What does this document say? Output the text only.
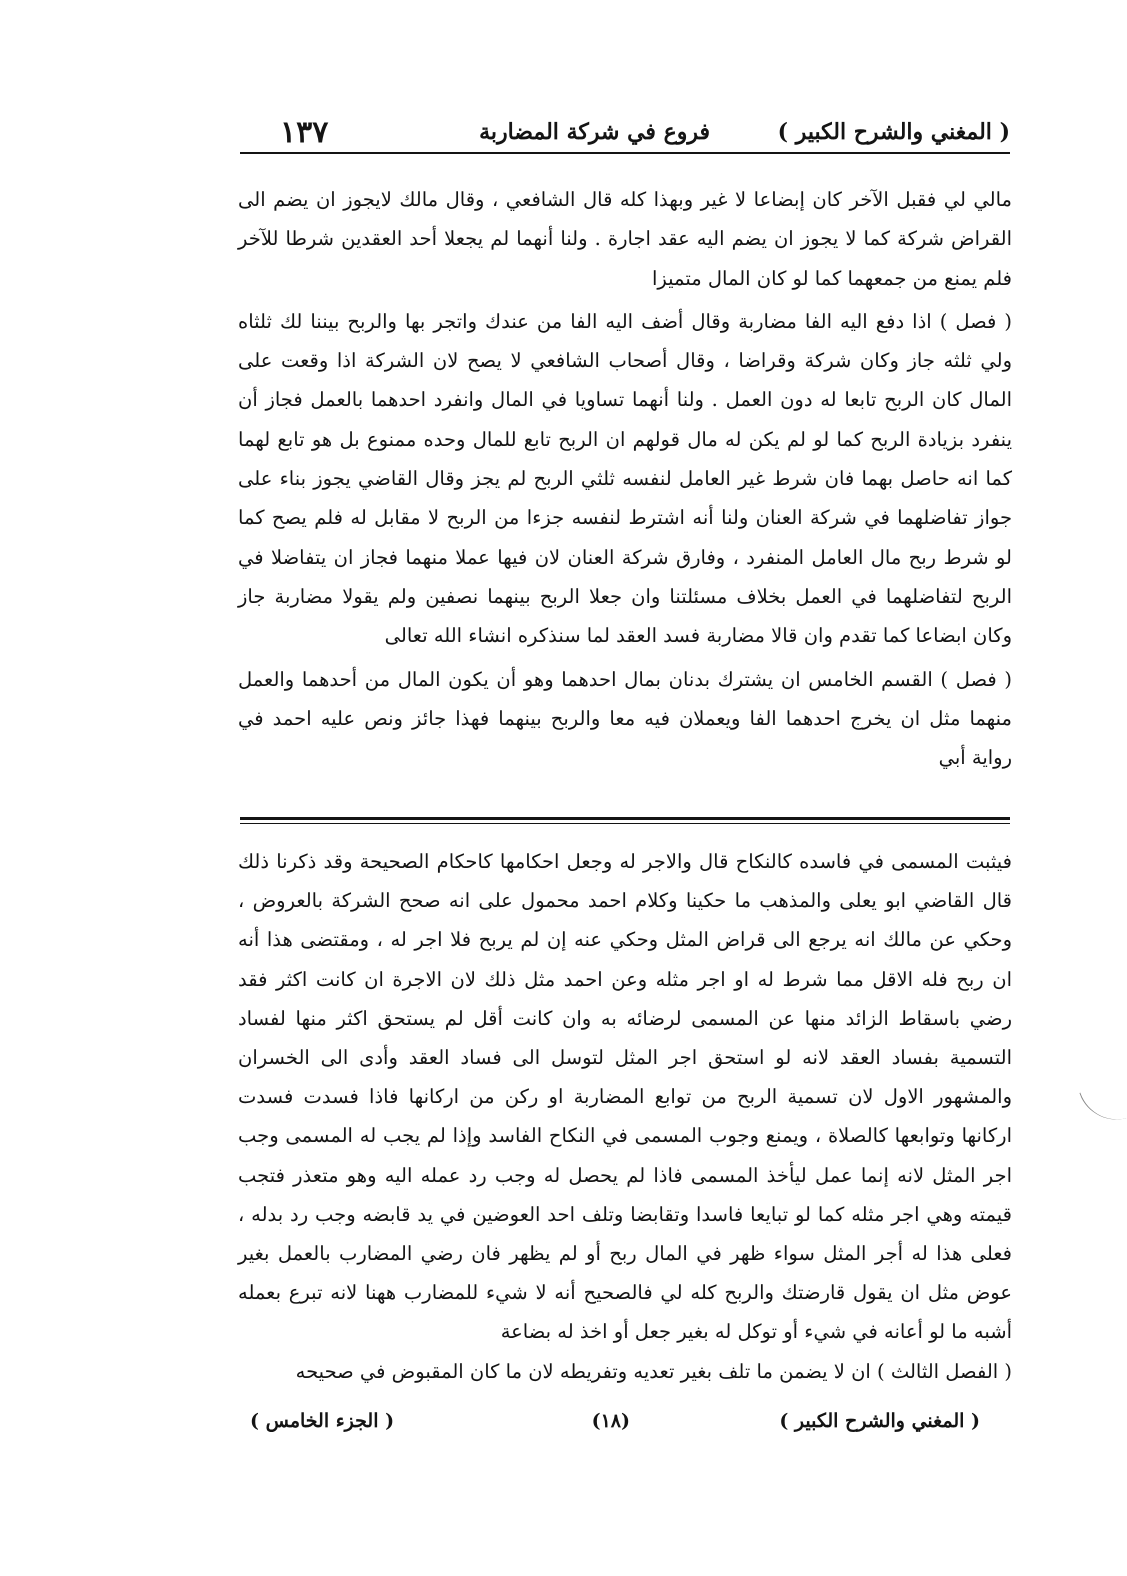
( المغني والشرح الكبير )
فروع في شركة المضاربة
١٣٧

مالي لي فقبل الآخر كان إبضاعا لا غير وبهذا كله قال الشافعي ، وقال مالك لايجوز ان يضم الى القراض شركة كما لا يجوز ان يضم اليه عقد اجارة . ولنا أنهما لم يجعلا أحد العقدين شرطا للآخر فلم يمنع من جمعهما كما لو كان المال متميزا

( فصل ) اذا دفع اليه الفا مضاربة وقال أضف اليه الفا من عندك واتجر بها والربح بيننا لك ثلثاه ولي ثلثه جاز وكان شركة وقراضا ، وقال أصحاب الشافعي لا يصح لان الشركة اذا وقعت على المال كان الربح تابعا له دون العمل . ولنا أنهما تساويا في المال وانفرد احدهما بالعمل فجاز أن ينفرد بزيادة الربح كما لو لم يكن له مال قولهم ان الربح تابع للمال وحده ممنوع بل هو تابع لهما كما انه حاصل بهما فان شرط غير العامل لنفسه ثلثي الربح لم يجز وقال القاضي يجوز بناء على جواز تفاضلهما في شركة العنان ولنا أنه اشترط لنفسه جزءا من الربح لا مقابل له فلم يصح كما لو شرط ربح مال العامل المنفرد ، وفارق شركة العنان لان فيها عملا منهما فجاز ان يتفاضلا في الربح لتفاضلهما في العمل بخلاف مسئلتنا وان جعلا الربح بينهما نصفين ولم يقولا مضاربة جاز وكان ابضاعا كما تقدم وان قالا مضاربة فسد العقد لما سنذكره انشاء الله تعالى

( فصل ) القسم الخامس ان يشترك بدنان بمال احدهما وهو أن يكون المال من أحدهما والعمل منهما مثل ان يخرج احدهما الفا ويعملان فيه معا والربح بينهما فهذا جائز ونص عليه احمد في رواية أبي

فيثبت المسمى في فاسده كالنكاح قال والاجر له وجعل احكامها كاحكام الصحيحة وقد ذكرنا ذلك قال القاضي ابو يعلى والمذهب ما حكينا وكلام احمد محمول على انه صحح الشركة بالعروض ، وحكي عن مالك انه يرجع الى قراض المثل وحكي عنه إن لم يربح فلا اجر له ، ومقتضى هذا أنه ان ربح فله الاقل مما شرط له او اجر مثله وعن احمد مثل ذلك لان الاجرة ان كانت اكثر فقد رضي باسقاط الزائد منها عن المسمى لرضائه به وان كانت أقل لم يستحق اكثر منها لفساد التسمية بفساد العقد لانه لو استحق اجر المثل لتوسل الى فساد العقد وأدى الى الخسران والمشهور الاول لان تسمية الربح من توابع المضاربة او ركن من اركانها فاذا فسدت فسدت اركانها وتوابعها كالصلاة ، ويمنع وجوب المسمى في النكاح الفاسد وإذا لم يجب له المسمى وجب اجر المثل لانه إنما عمل ليأخذ المسمى فاذا لم يحصل له وجب رد عمله اليه وهو متعذر فتجب قيمته وهي اجر مثله كما لو تبايعا فاسدا وتقابضا وتلف احد العوضين في يد قابضه وجب رد بدله ، فعلى هذا له أجر المثل سواء ظهر في المال ربح أو لم يظهر فان رضي المضارب بالعمل بغير عوض مثل ان يقول قارضتك والربح كله لي فالصحيح أنه لا شيء للمضارب ههنا لانه تبرع بعمله أشبه ما لو أعانه في شيء أو توكل له بغير جعل أو اخذ له بضاعة

( الفصل الثالث ) ان لا يضمن ما تلف بغير تعديه وتفريطه لان ما كان المقبوض في صحيحه

( المغني والشرح الكبير )
(١٨)
( الجزء الخامس )
